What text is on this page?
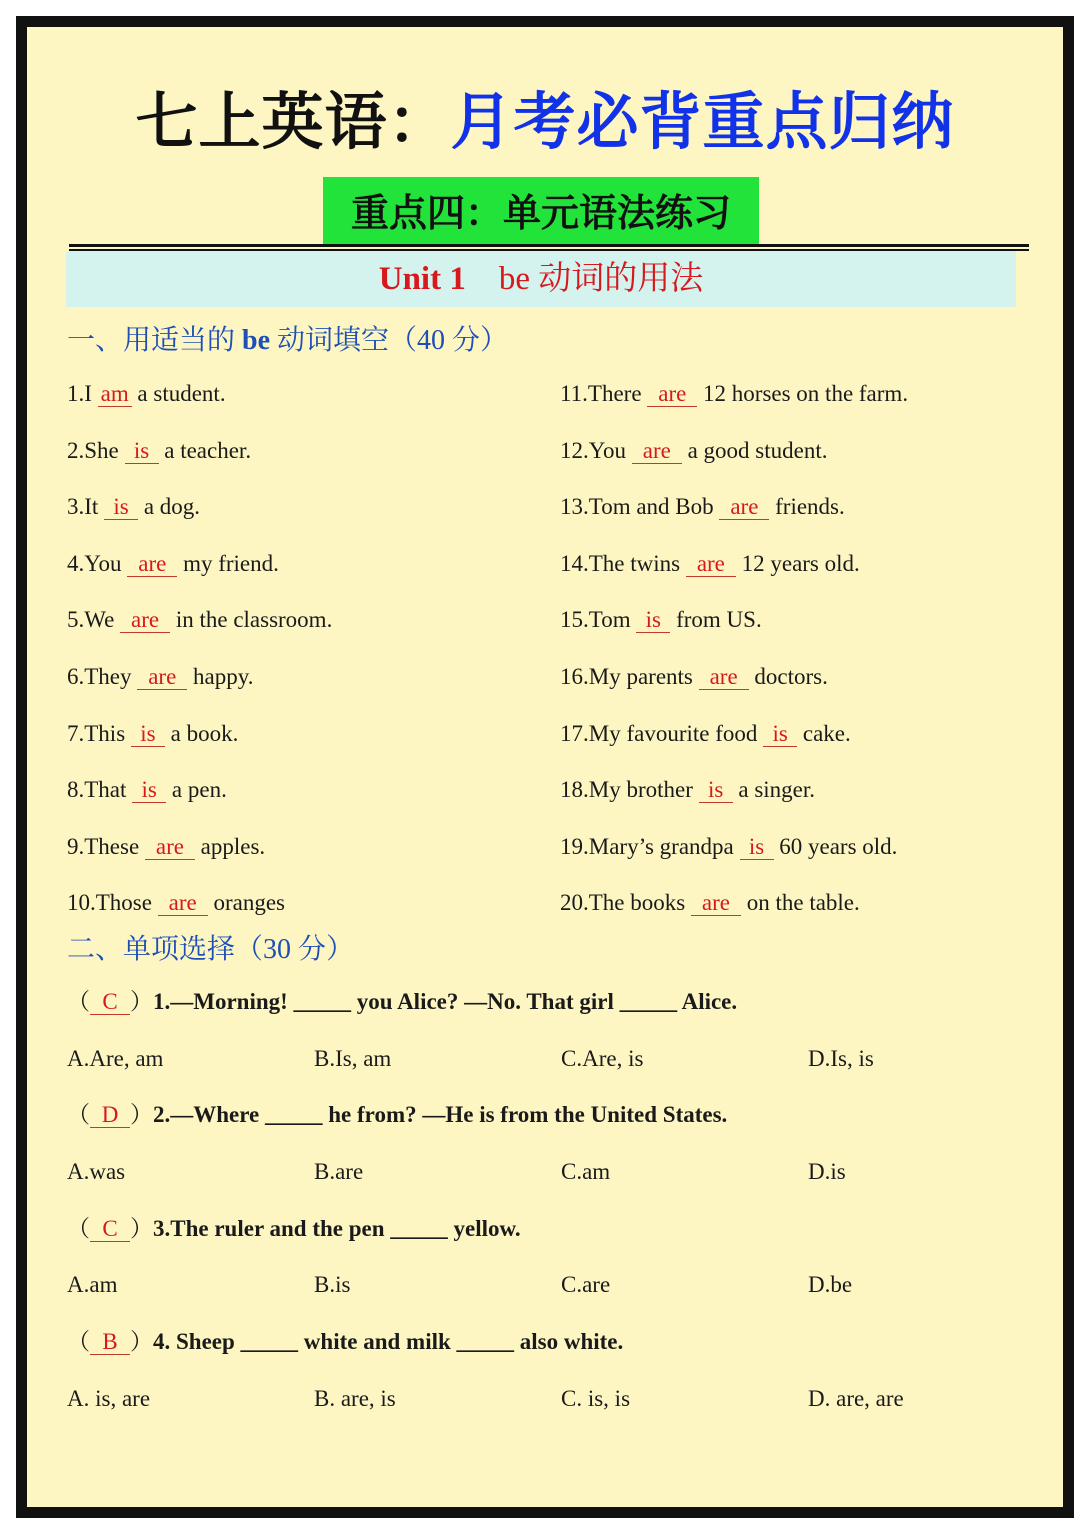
七上英语：月考必背重点归纳
重点四：单元语法练习
Unit 1 be 动词的用法
一、用适当的 be 动词填空（40 分）
1.I am a student.
2.She is a teacher.
3.It is a dog.
4.You are my friend.
5.We are in the classroom.
6.They are happy.
7.This is a book.
8.That is a pen.
9.These are apples.
10.Those are oranges
11.There are 12 horses on the farm.
12.You are a good student.
13.Tom and Bob are friends.
14.The twins are 12 years old.
15.Tom is from US.
16.My parents are doctors.
17.My favourite food is cake.
18.My brother is a singer.
19.Mary’s grandpa is 60 years old.
20.The books are on the table.
二、单项选择（30 分）
（ C ）1.—Morning! _____ you Alice? —No. That girl _____ Alice.
A.Are, am	B.Is, am	C.Are, is	D.Is, is
（ D ）2.—Where _____ he from? —He is from the United States.
A.was	B.are	C.am	D.is
（ C ）3.The ruler and the pen _____ yellow.
A.am	B.is	C.are	D.be
（ B ）4. Sheep _____ white and milk _____ also white.
A. is, are	B. are, is	C. is, is	D. are, are
